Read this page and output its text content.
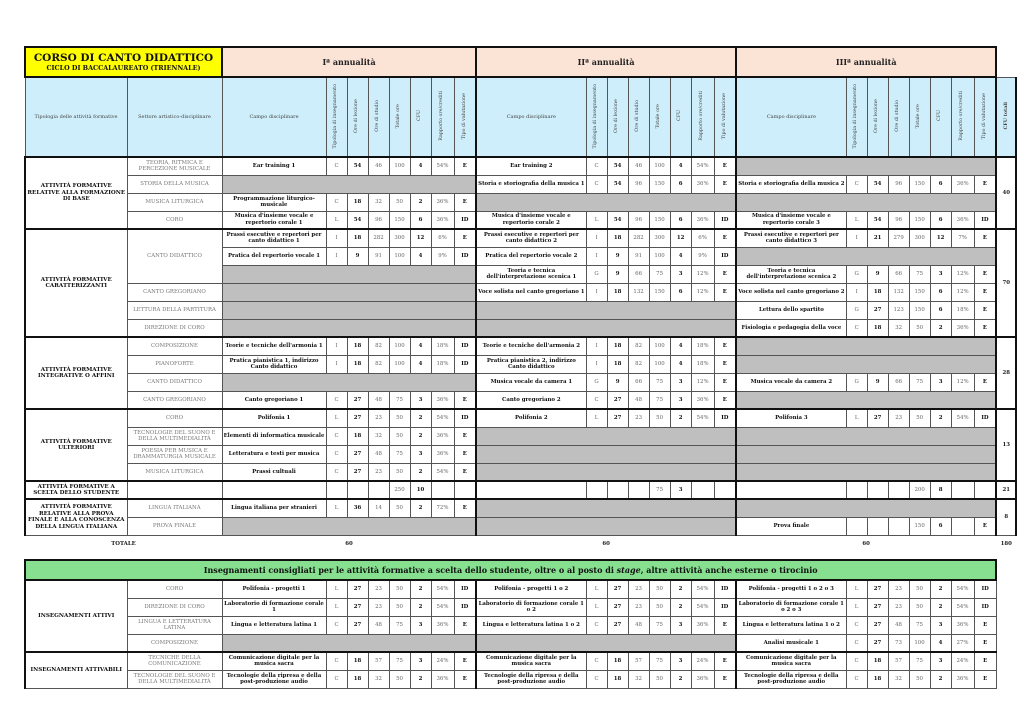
CORSO DI CANTO DIDATTICO
CICLO DI BACCALAUREATO (TRIENNALE)		Iª annualità								IIª annualità								IIIª annualità								
Tipologia delle attività formative	Settore artistico-disciplinare	Campo disciplinare	Tipologia di insegnamento	Ore di lezione	Ore di studio	Totale ore	CFU	Rapporto ore/crediti	Tipo di valutazione	Campo disciplinare	Tipologia di insegnamento	Ore di lezione	Ore di studio	Totale ore	CFU	Rapporto ore/crediti	Tipo di valutazione	Campo disciplinare	Tipologia di insegnamento	Ore di lezione	Ore di studio	Totale ore	CFU	Rapporto ore/crediti	Tipo di valutazione	CFU totali
ATTIVITÀ FORMATIVE RELATIVE ALLA FORMAZIONE DI BASE	TEORIA, RITMICA E PERCEZIONE MUSICALE	Ear training 1	C	54	46	100	4	54%	E	Ear training 2	C	54	46	100	4	54%	E									40
	STORIA DELLA MUSICA									Storia e storiografia della musica 1	C	54	96	150	6	36%	E	Storia e storiografia della musica 2	C	54	96	150	6	36%	E	
	MUSICA LITURGICA	Programmazione liturgico-musicale	C	18	32	50	2	36%	E																	
	CORO	Musica d'insieme vocale e repertorio corale 1	L	54	96	150	6	36%	ID	Musica d'insieme vocale e repertorio corale 2	L	54	96	150	6	36%	ID	Musica d'insieme vocale e repertorio corale 3	L	54	96	150	6	36%	ID	
ATTIVITÀ FORMATIVE CARATTERIZZANTI	CANTO DIDATTICO	Prassi esecutive e repertori per canto didattico 1	I	18	282	300	12	6%	E	Prassi esecutive e repertori per canto didattico 2	I	18	282	300	12	6%	E	Prassi esecutive e repertori per canto didattico 3	I	21	279	300	12	7%	E	70
		Pratica del repertorio vocale 1	I	9	91	100	4	9%	ID	Pratica del repertorio vocale 2	I	9	91	100	4	9%	ID									
										Teoria e tecnica dell'interpretazione scenica 1	G	9	66	75	3	12%	E	Teoria e tecnica dell'interpretazione scenica 2	G	9	66	75	3	12%	E	
	CANTO GREGORIANO									Voce solista nel canto gregoriano 1	I	18	132	150	6	12%	E	Voce solista nel canto gregoriano 2	I	18	132	150	6	12%	E	
	LETTURA DELLA PARTITURA																	Lettura dello spartito	G	27	123	150	6	18%	E	
	DIREZIONE DI CORO																	Fisiologia e pedagogia della voce	C	18	32	50	2	36%	E	
ATTIVITÀ FORMATIVE INTEGRATIVE O AFFINI	COMPOSIZIONE	Teorie e tecniche dell'armonia 1	I	18	82	100	4	18%	ID	Teorie e tecniche dell'armonia 2	I	18	82	100	4	18%	E									28
	PIANOFORTE	Pratica pianistica 1, indirizzo Canto didattico	I	18	82	100	4	18%	ID	Pratica pianistica 2, indirizzo Canto didattico	I	18	82	100	4	18%	E									
	CANTO DIDATTICO									Musica vocale da camera 1	G	9	66	75	3	12%	E	Musica vocale da camera 2	G	9	66	75	3	12%	E	
	CANTO GREGORIANO	Canto gregoriano 1	C	27	48	75	3	36%	E	Canto gregoriano 2	C	27	48	75	3	36%	E									
ATTIVITÀ FORMATIVE ULTERIORI	CORO	Polifonia 1	L	27	23	50	2	54%	ID	Polifonia 2	L	27	23	50	2	54%	ID	Polifonia 3	L	27	23	50	2	54%	ID	13
	TECNOLOGIE DEL SUONO E DELLA MULTIMEDIALITÀ	Elementi di informatica musicale	C	18	32	50	2	36%	E																	
	POESIA PER MUSICA E DRAMMATURGIA MUSICALE	Letteratura e testi per musica	C	27	48	75	3	36%	E																	
	MUSICA LITURGICA	Prassi cultuali	C	27	23	50	2	54%	E																	
ATTIVITÀ FORMATIVE A SCELTA DELLO STUDENTE						250	10							75	3							200	8			21
ATTIVITÀ FORMATIVE RELATIVE ALLA PROVA FINALE E ALLA CONOSCENZA DELLA LINGUA ITALIANA	LINGUA ITALIANA	Lingua italiana per stranieri	L	36	14	50	2	72%	E																	8
	PROVA FINALE																	Prova finale				150	6		E	
TOTALE		60								60								60								180
Insegnamenti consigliati per le attività formative a scelta dello studente, oltre o al posto di stage, altre attività anche esterne o tirocinio																									
INSEGNAMENTI ATTIVI	CORO	Polifonia - progetti 1	L	27	23	50	2	54%	ID	Polifonia - progetti 1 o 2	L	27	23	50	2	54%	ID	Polifonia - progetti 1 o 2 o 3	L	27	23	50	2	54%	ID
	DIREZIONE DI CORO	Laboratorio di formazione corale 1	L	27	23	50	2	54%	ID	Laboratorio di formazione corale 1 o 2	L	27	23	50	2	54%	ID	Laboratorio di formazione corale 1 o 2 o 3	L	27	23	50	2	54%	ID
	LINGUA E LETTERATURA LATINA	Lingua e letteratura latina 1	C	27	48	75	3	36%	E	Lingua e letteratura latina 1 o 2	C	27	48	75	3	36%	E	Lingua e letteratura latina 1 o 2	C	27	48	75	3	36%	E
	COMPOSIZIONE																	Analisi musicale 1	C	27	73	100	4	27%	E
INSEGNAMENTI ATTIVABILI	TECNICHE DELLA COMUNICAZIONE	Comunicazione digitale per la musica sacra	C	18	57	75	3	24%	E	Comunicazione digitale per la musica sacra	C	18	57	75	3	24%	E	Comunicazione digitale per la musica sacra	C	18	57	75	3	24%	E
	TECNOLOGIE DEL SUONO E DELLA MULTIMEDIALITÀ	Tecnologie della ripresa e della post-produzione audio	C	18	32	50	2	36%	E	Tecnologie della ripresa e della post-produzione audio	C	18	32	50	2	36%	E	Tecnologie della ripresa e della post-produzione audio	C	18	32	50	2	36%	E
